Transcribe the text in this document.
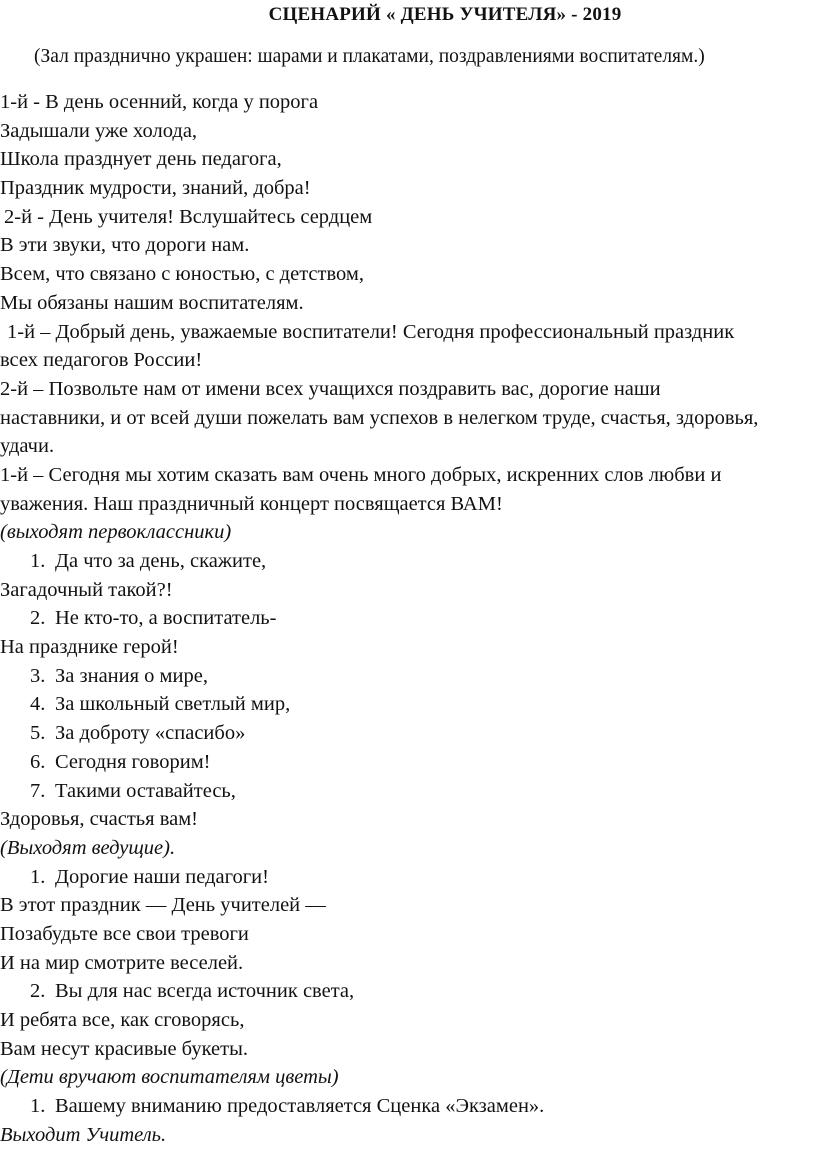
СЦЕНАРИЙ « ДЕНЬ УЧИТЕЛЯ» - 2019
(Зал празднично украшен: шарами и плакатами, поздравлениями воспитателям.)
1-й - В день осенний, когда у порога
Задышали уже холода,
Школа празднует день педагога,
Праздник мудрости, знаний, добра!
2-й - День учителя! Вслушайтесь сердцем
В эти звуки, что дороги нам.
Всем, что связано с юностью, с детством,
Мы обязаны нашим воспитателям.
1-й – Добрый день, уважаемые воспитатели! Сегодня профессиональный праздник
всех педагогов России!
2-й – Позвольте нам от имени всех учащихся поздравить вас, дорогие наши
наставники, и от всей души пожелать вам успехов в нелегком труде, счастья, здоровья,
удачи.
1-й – Сегодня мы хотим сказать вам очень много добрых, искренних слов любви и
уважения. Наш праздничный концерт посвящается ВАМ!
(выходят первоклассники)
1. Да что за день, скажите,
Загадочный такой?!
2. Не кто-то, а воспитатель-
На празднике герой!
3. За знания о мире,
4. За школьный светлый мир,
5. За доброту «спасибо»
6. Сегодня говорим!
7. Такими оставайтесь,
Здоровья, счастья вам!
(Выходят ведущие).
1. Дорогие наши педагоги!
В этот праздник — День учителей —
Позабудьте все свои тревоги
И на мир смотрите веселей.
2. Вы для нас всегда источник света,
И ребята все, как сговорясь,
Вам несут красивые букеты.
(Дети вручают воспитателям цветы)
1. Вашему вниманию предоставляется Сценка «Экзамен».
Выходит Учитель.
